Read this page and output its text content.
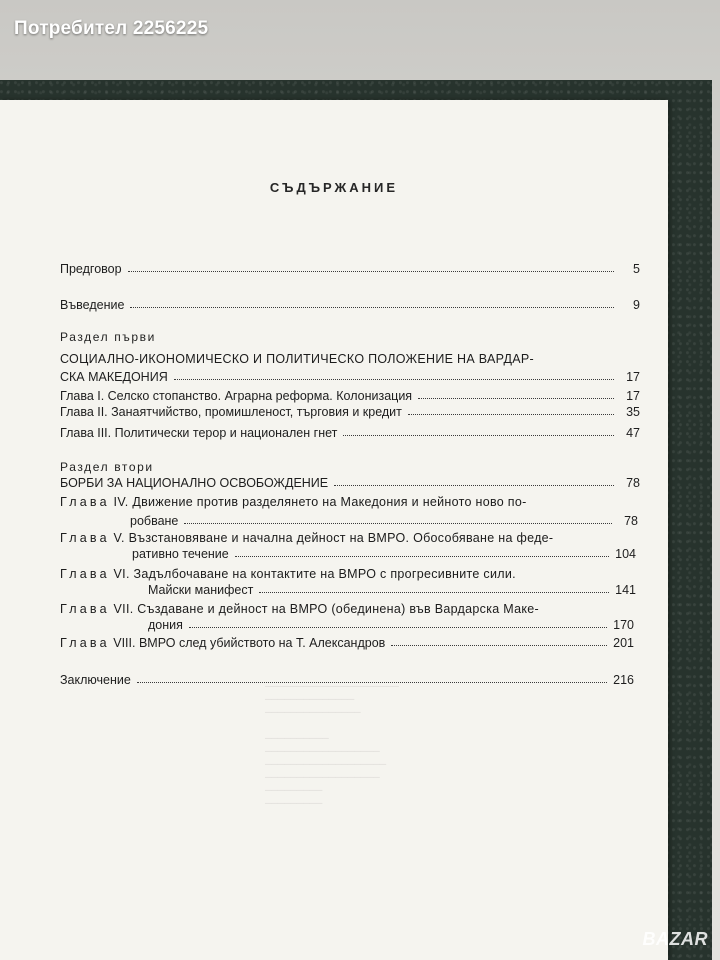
─────────────────────
──────────────
───────────────

──────────
──────────────────
───────────────────
──────────────────
─────────
─────────
Потребител 2256225
СЪДЪРЖАНИЕ
Предговор	5
Въведение	9
Раздел първи
СОЦИАЛНО-ИКОНОМИЧЕСКО И ПОЛИТИЧЕСКО ПОЛОЖЕНИЕ НА ВАРДАР-
СКА МАКЕДОНИЯ	17
Глава I. Селско стопанство. Аграрна реформа. Колонизация	17
Глава II. Занаятчийство, промишленост, търговия и кредит	35
Глава III. Политически терор и национален гнет	47
Раздел втори
БОРБИ ЗА НАЦИОНАЛНО ОСВОБОЖДЕНИЕ	78
Глава IV. Движение против разделянето на Македония и нейното ново по-
робване	78
Глава V. Възстановяване и начална дейност на ВМРО. Обособяване на феде-
ративно течение	104
Глава VI. Задълбочаване на контактите на ВМРО с прогресивните сили.
Майски манифест	141
Глава VII. Създаване и дейност на ВМРО (обединена) във Вардарска Маке-
дония	170
Глава VIII. ВМРО след убийството на Т. Александров	201
Заключение	216
BAZAR
